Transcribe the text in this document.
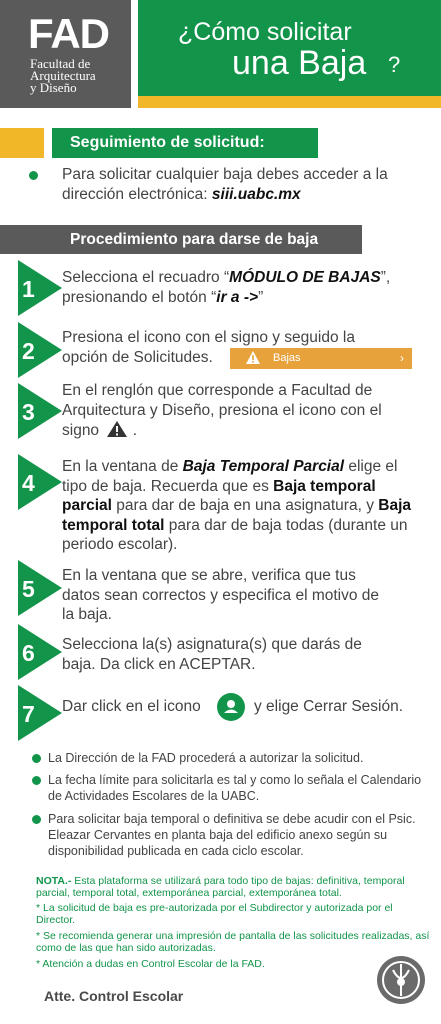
FAD
Facultad de
Arquitectura
y Diseño
¿Cómo solicitar
una Baja ?
Seguimiento de solicitud:
Para solicitar cualquier baja debes acceder a la dirección electrónica: siii.uabc.mx
Procedimiento para darse de baja
1
2
3
4
5
6
7
Selecciona el recuadro “MÓDULO DE BAJAS”,
presionando el botón “ir a ->”
Presiona el icono con el signo y seguido la
opción de Solicitudes.	Bajas	›
En el renglón que corresponde a Facultad de Arquitectura y Diseño, presiona el icono con el signo .
En la ventana de Baja Temporal Parcial elige el tipo de baja. Recuerda que es Baja temporal parcial para dar de baja en una asignatura, y Baja temporal total para dar de baja todas (durante un periodo escolar).
En la ventana que se abre, verifica que tus datos sean correctos y especifica el motivo de la baja.
Selecciona la(s) asignatura(s) que darás de baja. Da click en ACEPTAR.
Dar click en el icono	y elige Cerrar Sesión.
La Dirección de la FAD procederá a autorizar la solicitud.
La fecha límite para solicitarla es tal y como lo señala el Calendario de Actividades Escolares de la UABC.
Para solicitar baja temporal o definitiva se debe acudir con el Psic. Eleazar Cervantes en planta baja del edificio anexo según su disponibilidad publicada en cada ciclo escolar.
NOTA.- Esta plataforma se utilizará para todo tipo de bajas: definitiva, temporal parcial, temporal total, extemporánea parcial, extemporánea total.
* La solicitud de baja es pre-autorizada por el Subdirector y autorizada por el Director.
* Se recomienda generar una impresión de pantalla de las solicitudes realizadas, así como de las que han sido autorizadas.
* Atención a dudas en Control Escolar de la FAD.
Atte. Control Escolar
